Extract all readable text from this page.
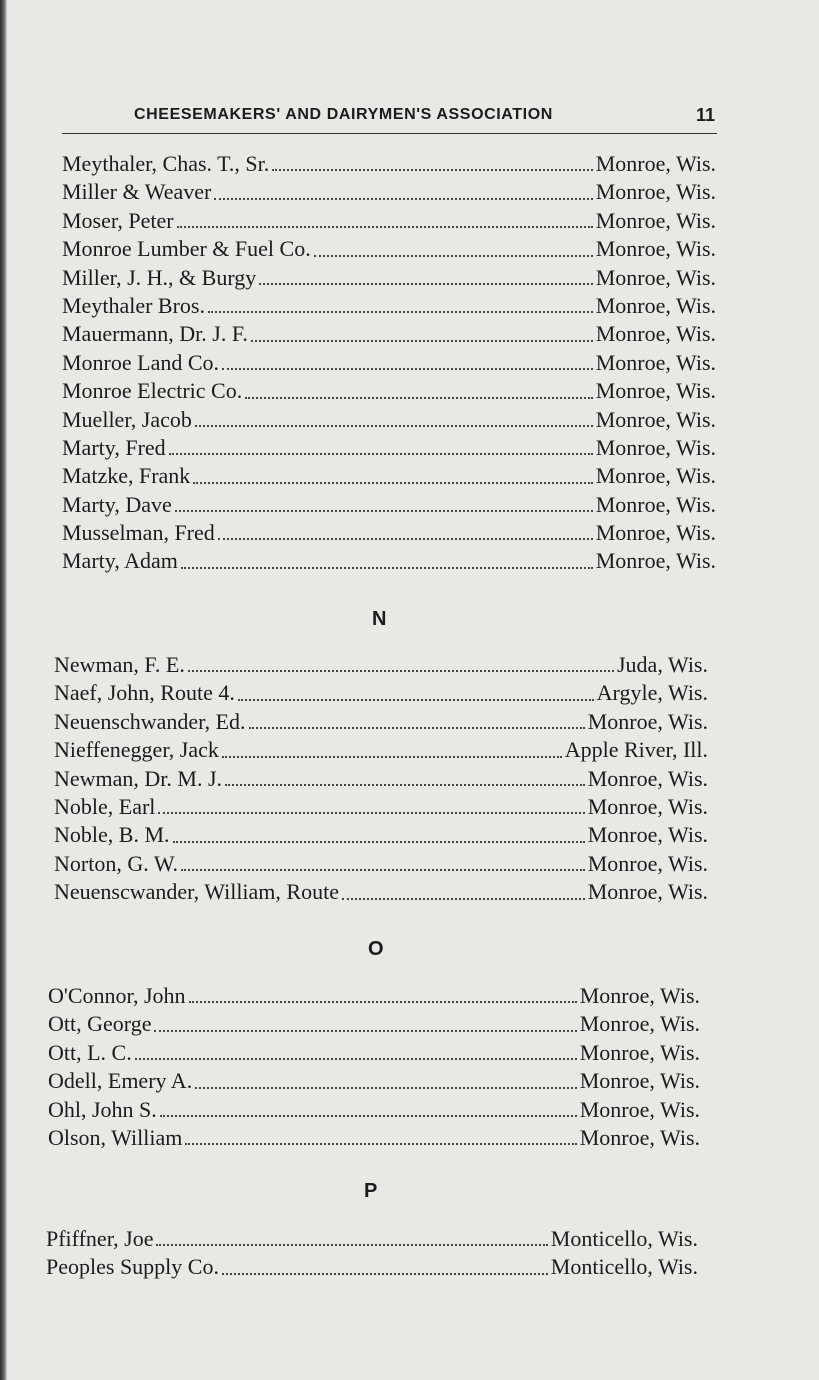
CHEESEMAKERS' AND DAIRYMEN'S ASSOCIATION	11
Meythaler, Chas. T., Sr.	Monroe, Wis.
Miller & Weaver	Monroe, Wis.
Moser, Peter	Monroe, Wis.
Monroe Lumber & Fuel Co.	Monroe, Wis.
Miller, J. H., & Burgy	Monroe, Wis.
Meythaler Bros.	Monroe, Wis.
Mauermann, Dr. J. F.	Monroe, Wis.
Monroe Land Co.	Monroe, Wis.
Monroe Electric Co.	Monroe, Wis.
Mueller, Jacob	Monroe, Wis.
Marty, Fred	Monroe, Wis.
Matzke, Frank	Monroe, Wis.
Marty, Dave	Monroe, Wis.
Musselman, Fred	Monroe, Wis.
Marty, Adam	Monroe, Wis.
N
Newman, F. E.	Juda, Wis.
Naef, John, Route 4.	Argyle, Wis.
Neuenschwander, Ed.	Monroe, Wis.
Nieffenegger, Jack	Apple River, Ill.
Newman, Dr. M. J.	Monroe, Wis.
Noble, Earl	Monroe, Wis.
Noble, B. M.	Monroe, Wis.
Norton, G. W.	Monroe, Wis.
Neuenscwander, William, Route	Monroe, Wis.
O
O'Connor, John	Monroe, Wis.
Ott, George	Monroe, Wis.
Ott, L. C.	Monroe, Wis.
Odell, Emery A.	Monroe, Wis.
Ohl, John S.	Monroe, Wis.
Olson, William	Monroe, Wis.
P
Pfiffner, Joe	Monticello, Wis.
Peoples Supply Co.	Monticello, Wis.
